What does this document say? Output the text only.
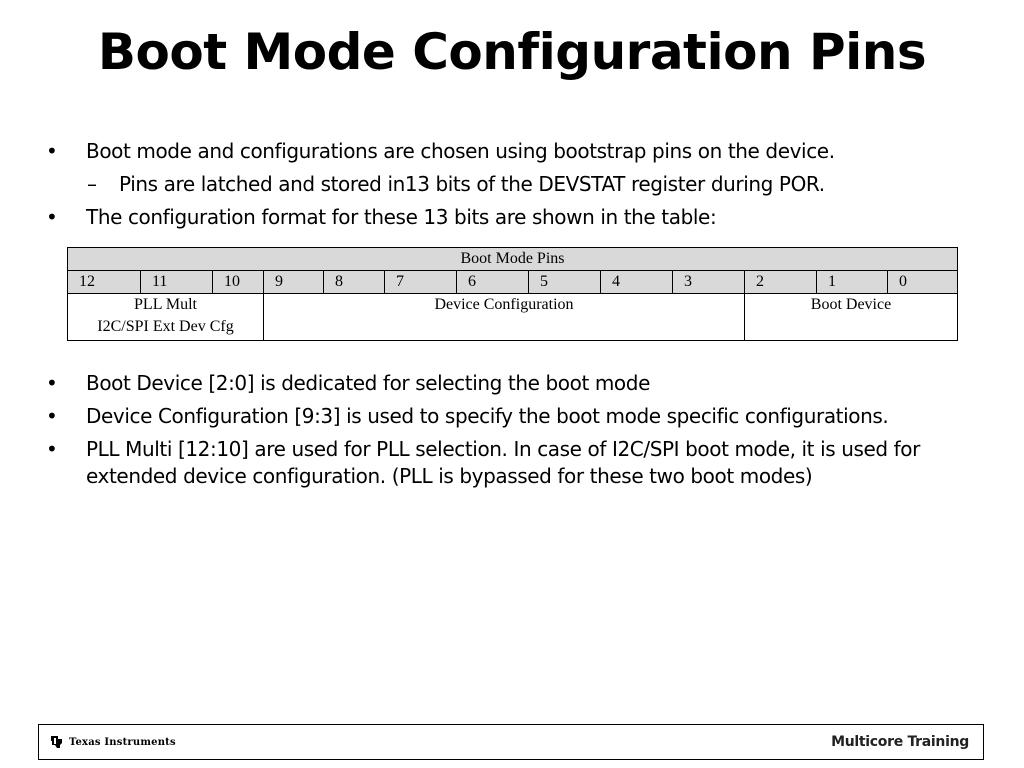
Boot Mode Configuration Pins
• Boot mode and configurations are chosen using bootstrap pins on the device.
– Pins are latched and stored in13 bits of the DEVSTAT register during POR.
• The configuration format for these 13 bits are shown in the table:
Boot Mode Pins												
12	11	10	9	8	7	6	5	4	3	2	1	0

PLL Mult
I2C/SPI Ext Dev Cfg			Device Configuration							Boot Device		
• Boot Device [2:0] is dedicated for selecting the boot mode
• Device Configuration [9:3] is used to specify the boot mode specific configurations.
• PLL Multi [12:10] are used for PLL selection. In case of I2C/SPI boot mode, it is used for extended device configuration. (PLL is bypassed for these two boot modes)
Texas Instruments	Multicore Training
